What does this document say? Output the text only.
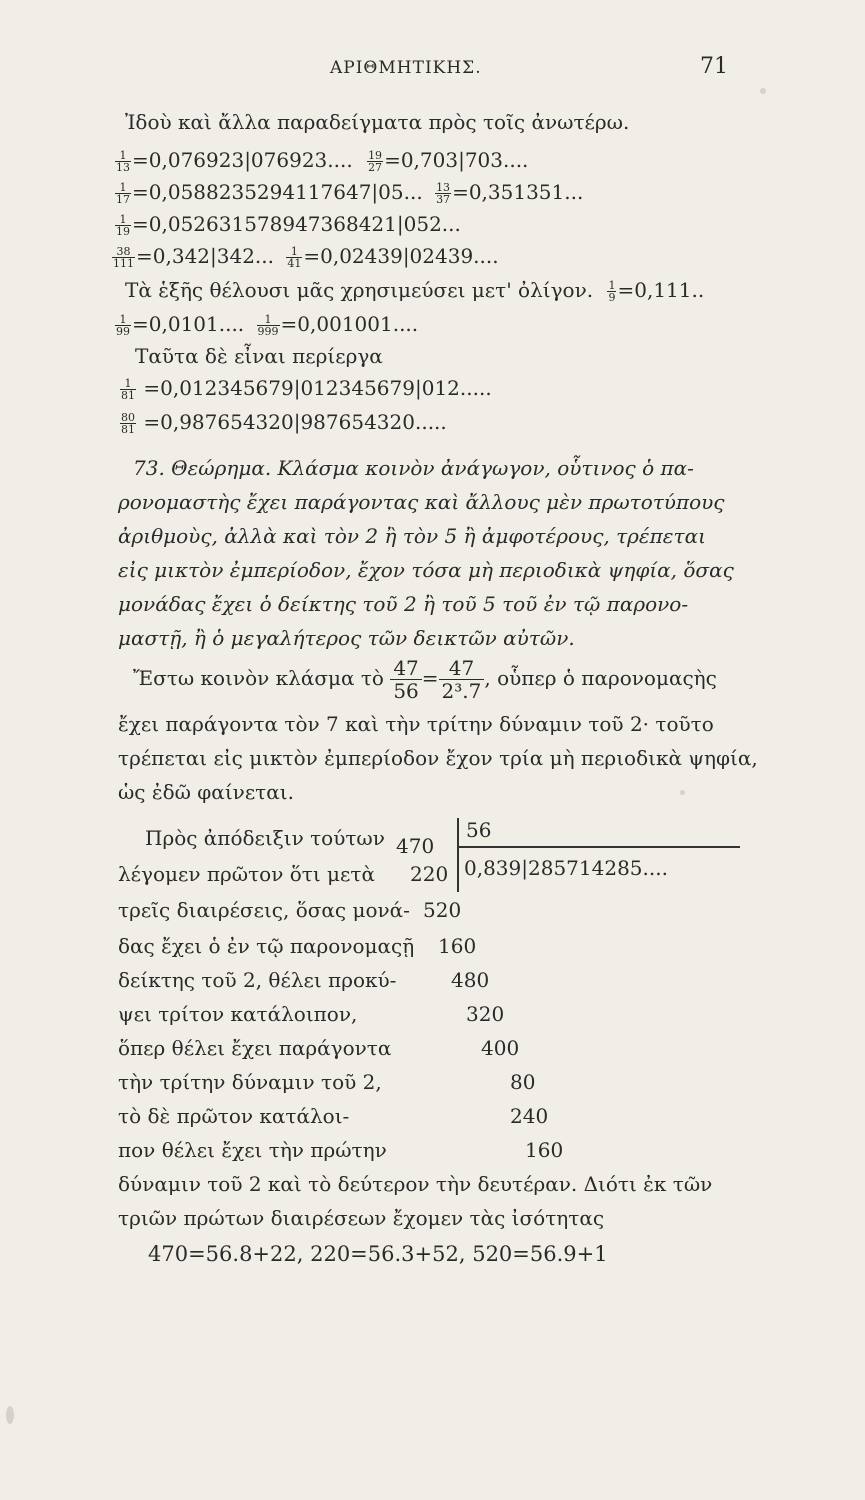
ΑΡΙΘΜΗΤΙΚΗΣ.	71
Ἰδοὺ καὶ ἄλλα παραδείγματα πρὸς τοῖς ἀνωτέρω.
$\frac{1}{13} =0,076923|076923$.... $\frac{19}{27} =0,703|703$....
$\frac{1}{17} =0,0588235294117647|05$... $\frac{13}{37} =0,351351$...
$\frac{1}{19} =0,052631578947368421|052$...
$\frac{38}{111} =0,342|342$... $\frac{1}{41} =0,02439|02439$....
Τὰ ἑξῆς θέλουσι μᾶς χρησιμεύσει μετ' ὀλίγον. $\frac{1}{9} =0,111$..
$\frac{1}{99} =0,0101$.... $\frac{1}{999} =0,001001$....
Ταῦτα δὲ εἶναι περίεργα
$\frac{1}{81} =0,012345679|012345679|012$.....
$\frac{80}{81} =0,987654320|987654320$.....
73. Θεώρημα. Κλάσμα κοινὸν ἀνάγωγον, οὗτινος ὁ πα-
ρονομαστὴς ἔχει παράγοντας καὶ ἄλλους μὲν πρωτοτύπους
ἀριθμοὺς, ἀλλὰ καὶ τὸν 2 ἢ τὸν 5 ἢ ἀμφοτέρους, τρέπεται
εἰς μικτὸν ἐμπερίοδον, ἔχον τόσα μὴ περιοδικὰ ψηφία, ὅσας
μονάδας ἔχει ὁ δείκτης τοῦ 2 ἢ τοῦ 5 τοῦ ἐν τῷ παρονο-
μαστῇ, ἢ ὁ μεγαλήτερος τῶν δεικτῶν αὐτῶν.
Ἔστω κοινὸν κλάσμα τὸ $\frac{47}{56} = \frac{47}{\text{2³.7}}$ , οὗπερ ὁ παρονομαςὴς
ἔχει παράγοντα τὸν 7 καὶ τὴν τρίτην δύναμιν τοῦ 2· τοῦτο
τρέπεται εἰς μικτὸν ἐμπερίοδον ἔχον τρία μὴ περιοδικὰ ψηφία,
ὡς ἐδῶ φαίνεται.
Πρὸς ἀπόδειξιν τούτων
λέγομεν πρῶτον ὅτι μετὰ
τρεῖς διαιρέσεις, ὅσας μονά-
δας ἔχει ὁ ἐν τῷ παρονομαςῇ
δείκτης τοῦ 2, θέλει προκύ-
ψει τρίτον κατάλοιπον,
ὅπερ θέλει ἔχει παράγοντα
τὴν τρίτην δύναμιν τοῦ 2,
τὸ δὲ πρῶτον κατάλοι-
πον θέλει ἔχει τὴν πρώτην
470
56
0,839|285714285....
220
520
160
480
320
400
80
240
160
δύναμιν τοῦ 2 καὶ τὸ δεύτερον τὴν δευτέραν. Διότι ἐκ τῶν
τριῶν πρώτων διαιρέσεων ἔχομεν τὰς ἰσότητας
470=56.8+22, 220=56.3+52, 520=56.9+1
